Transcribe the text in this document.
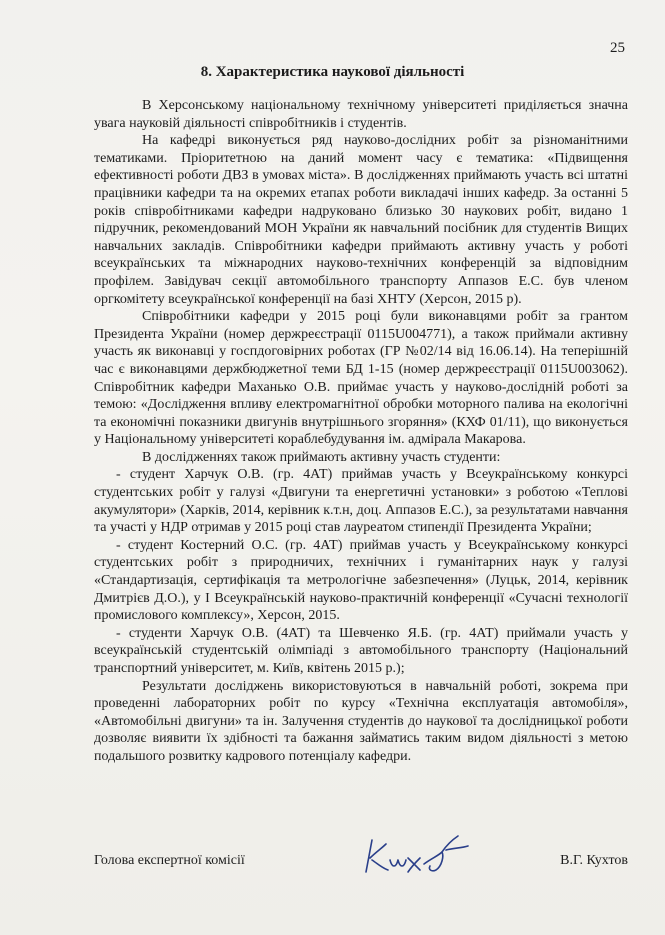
25
8. Характеристика наукової діяльності

В Херсонському національному технічному університеті приділяється значна увага науковій діяльності співробітників і студентів.

На кафедрі виконується ряд науково-дослідних робіт за різноманітними тематиками. Пріоритетною на даний момент часу є тематика: «Підвищення ефективності роботи ДВЗ в умовах міста». В дослідженнях приймають участь всі штатні працівники кафедри та на окремих етапах роботи викладачі інших кафедр. За останні 5 років співробітниками кафедри надруковано близько 30 наукових робіт, видано 1 підручник, рекомендований МОН України як навчальний посібник для студентів Вищих навчальних закладів. Співробітники кафедри приймають активну участь у роботі всеукраїнських та міжнародних науково-технічних конференцій за відповідним профілем. Завідувач секції автомобільного транспорту Аппазов Е.С. був членом оргкомітету всеукраїнської конференції на базі ХНТУ (Херсон, 2015 р).

Співробітники кафедри у 2015 році були виконавцями робіт за грантом Президента України (номер держреєстрації 0115U004771), а також приймали активну участь як виконавці у госпдоговірних роботах (ГР №02/14 від 16.06.14). На теперішній час є виконавцями держбюджетної теми БД 1-15 (номер держреєстрації 0115U003062). Співробітник кафедри Маханько О.В. приймає участь у науково-дослідній роботі за темою: «Дослідження впливу електромагнітної обробки моторного палива на екологічні та економічні показники двигунів внутрішнього згоряння» (КХФ 01/11), що виконується у Національному університеті кораблебудування ім. адмірала Макарова.

В дослідженнях також приймають активну участь студенти:

- студент Харчук О.В. (гр. 4АТ) приймав участь у Всеукраїнському конкурсі студентських робіт у галузі «Двигуни та енергетичні установки» з роботою «Теплові акумулятори» (Харків, 2014, керівник к.т.н, доц. Аппазов Е.С.), за результатами навчання та участі у НДР отримав у 2015 році став лауреатом стипендії Президента України;

- студент Костерний О.С. (гр. 4АТ) приймав участь у Всеукраїнському конкурсі студентських робіт з природничих, технічних і гуманітарних наук у галузі «Стандартизація, сертифікація та метрологічне забезпечення» (Луцьк, 2014, керівник Дмитрієв Д.О.), у І Всеукраїнській науково-практичній конференції «Сучасні технології промислового комплексу», Херсон, 2015.

- студенти Харчук О.В. (4АТ) та Шевченко Я.Б. (гр. 4АТ) приймали участь у всеукраїнській студентській олімпіаді з автомобільного транспорту (Національний транспортний університет, м. Київ, квітень 2015 р.);

Результати досліджень використовуються в навчальній роботі, зокрема при проведенні лабораторних робіт по курсу «Технічна експлуатація автомобіля», «Автомобільні двигуни» та ін. Залучення студентів до наукової та дослідницької роботи дозволяє виявити їх здібності та бажання займатись таким видом діяльності з метою подальшого розвитку кадрового потенціалу кафедри.

Голова експертної комісії	В.Г. Кухтов
